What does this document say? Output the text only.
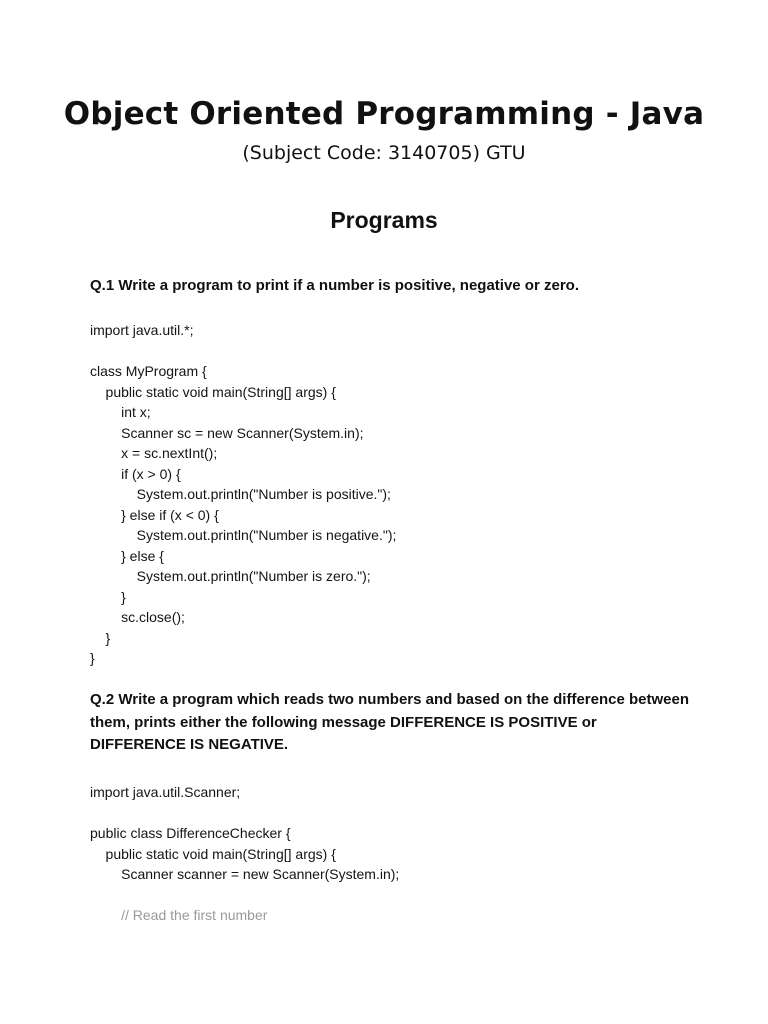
Object Oriented Programming - Java
(Subject Code: 3140705) GTU
Programs

Q.1 Write a program to print if a number is positive, negative or zero.

import java.util.*;
class MyProgram {
public static void main(String[] args) {
int x;
Scanner sc = new Scanner(System.in);
x = sc.nextInt();
if (x > 0) {
System.out.println("Number is positive.");
} else if (x < 0) {
System.out.println("Number is negative.");
} else {
System.out.println("Number is zero.");
}
sc.close();
}
}

Q.2 Write a program which reads two numbers and based on the difference between them, prints either the following message DIFFERENCE IS POSITIVE or DIFFERENCE IS NEGATIVE.

import java.util.Scanner;
public class DifferenceChecker {
public static void main(String[] args) {
Scanner scanner = new Scanner(System.in);
// Read the first number
